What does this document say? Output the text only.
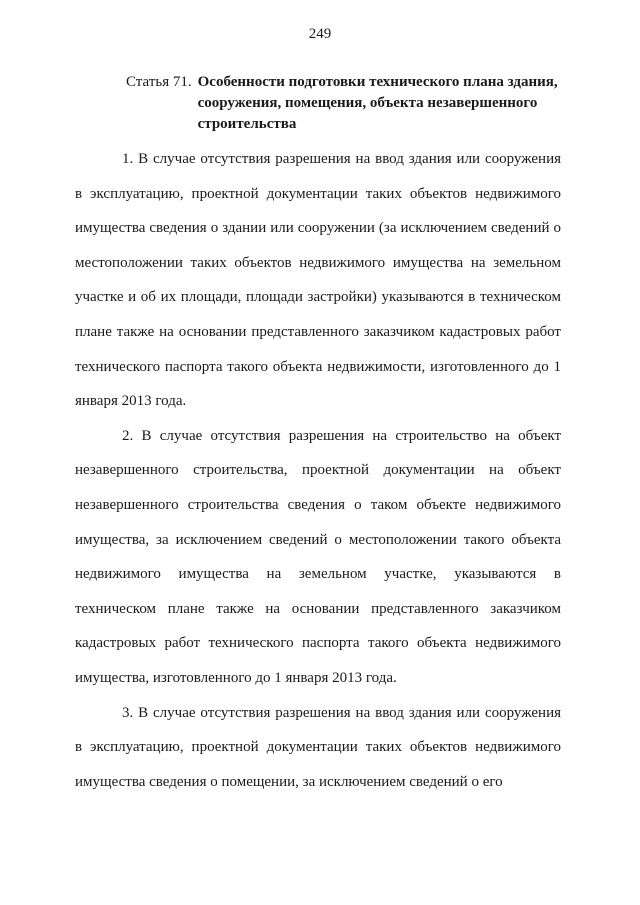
249
Статья 71. Особенности подготовки технического плана здания, сооружения, помещения, объекта незавершенного строительства

1. В случае отсутствия разрешения на ввод здания или сооружения в эксплуатацию, проектной документации таких объектов недвижимого имущества сведения о здании или сооружении (за исключением сведений о местоположении таких объектов недвижимого имущества на земельном участке и об их площади, площади застройки) указываются в техническом плане также на основании представленного заказчиком кадастровых работ технического паспорта такого объекта недвижимости, изготовленного до 1 января 2013 года.

2. В случае отсутствия разрешения на строительство на объект незавершенного строительства, проектной документации на объект незавершенного строительства сведения о таком объекте недвижимого имущества, за исключением сведений о местоположении такого объекта недвижимого имущества на земельном участке, указываются в техническом плане также на основании представленного заказчиком кадастровых работ технического паспорта такого объекта недвижимого имущества, изготовленного до 1 января 2013 года.

3. В случае отсутствия разрешения на ввод здания или сооружения в эксплуатацию, проектной документации таких объектов недвижимого имущества сведения о помещении, за исключением сведений о его
